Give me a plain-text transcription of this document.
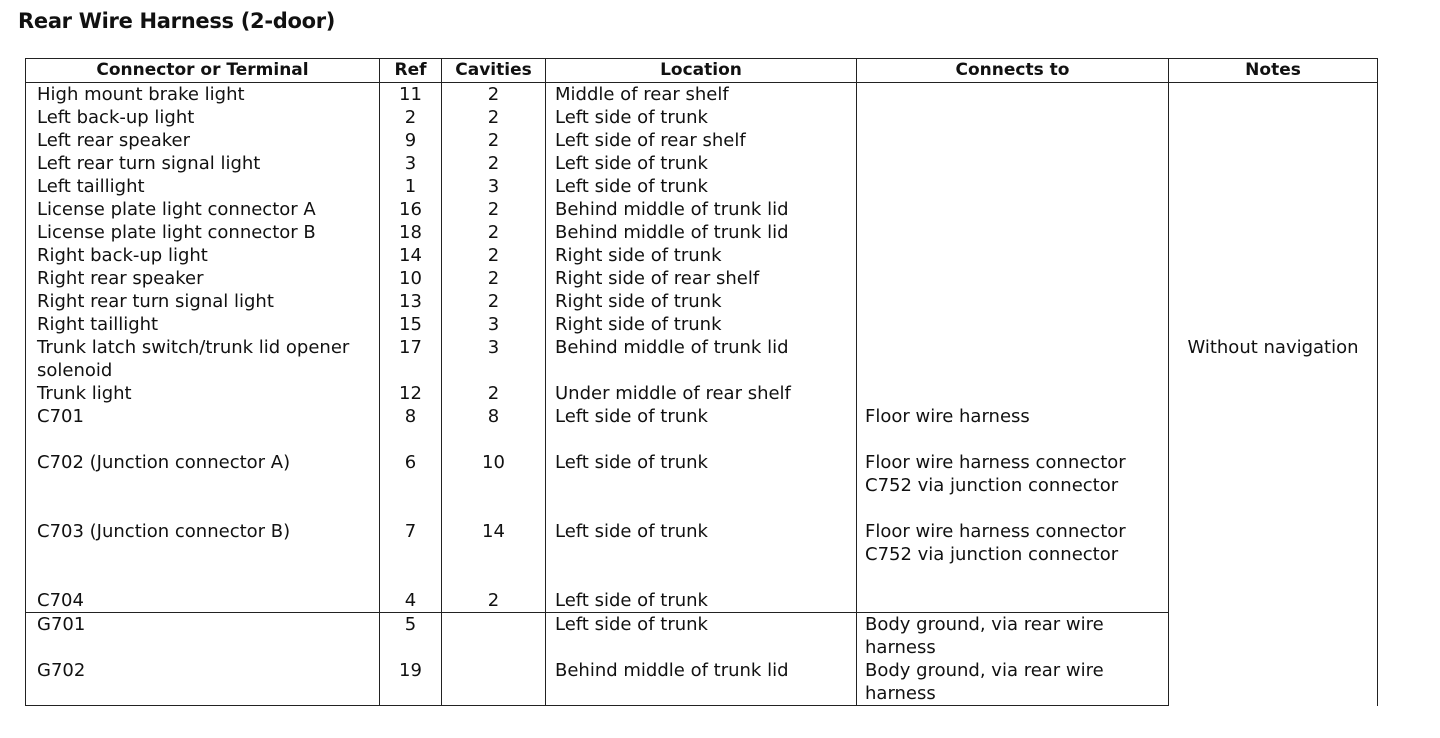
Rear Wire Harness (2-door)
Connector or Terminal	Ref	Cavities	Location	Connects to	Notes
High mount brake light	11	2	Middle of rear shelf		Without navigation
Left back-up light	2	2	Left side of trunk		
Left rear speaker	9	2	Left side of rear shelf		
Left rear turn signal light	3	2	Left side of trunk		
Left taillight	1	3	Left side of trunk		
License plate light connector A	16	2	Behind middle of trunk lid		
License plate light connector B	18	2	Behind middle of trunk lid		
Right back-up light	14	2	Right side of trunk		
Right rear speaker	10	2	Right side of rear shelf		
Right rear turn signal light	13	2	Right side of trunk		
Right taillight	15	3	Right side of trunk		
Trunk latch switch/trunk lid opener
solenoid	17	3	Behind middle of trunk lid		
Trunk light	12	2	Under middle of rear shelf		
C701	8	8	Left side of trunk	Floor wire harness	
C702 (Junction connector A)	6	10	Left side of trunk	Floor wire harness connector
C752 via junction connector	
C703 (Junction connector B)	7	14	Left side of trunk	Floor wire harness connector
C752 via junction connector	
C704	4	2	Left side of trunk		
G701	5		Left side of trunk	Body ground, via rear wire
harness	
G702	19		Behind middle of trunk lid	Body ground, via rear wire
harness	
